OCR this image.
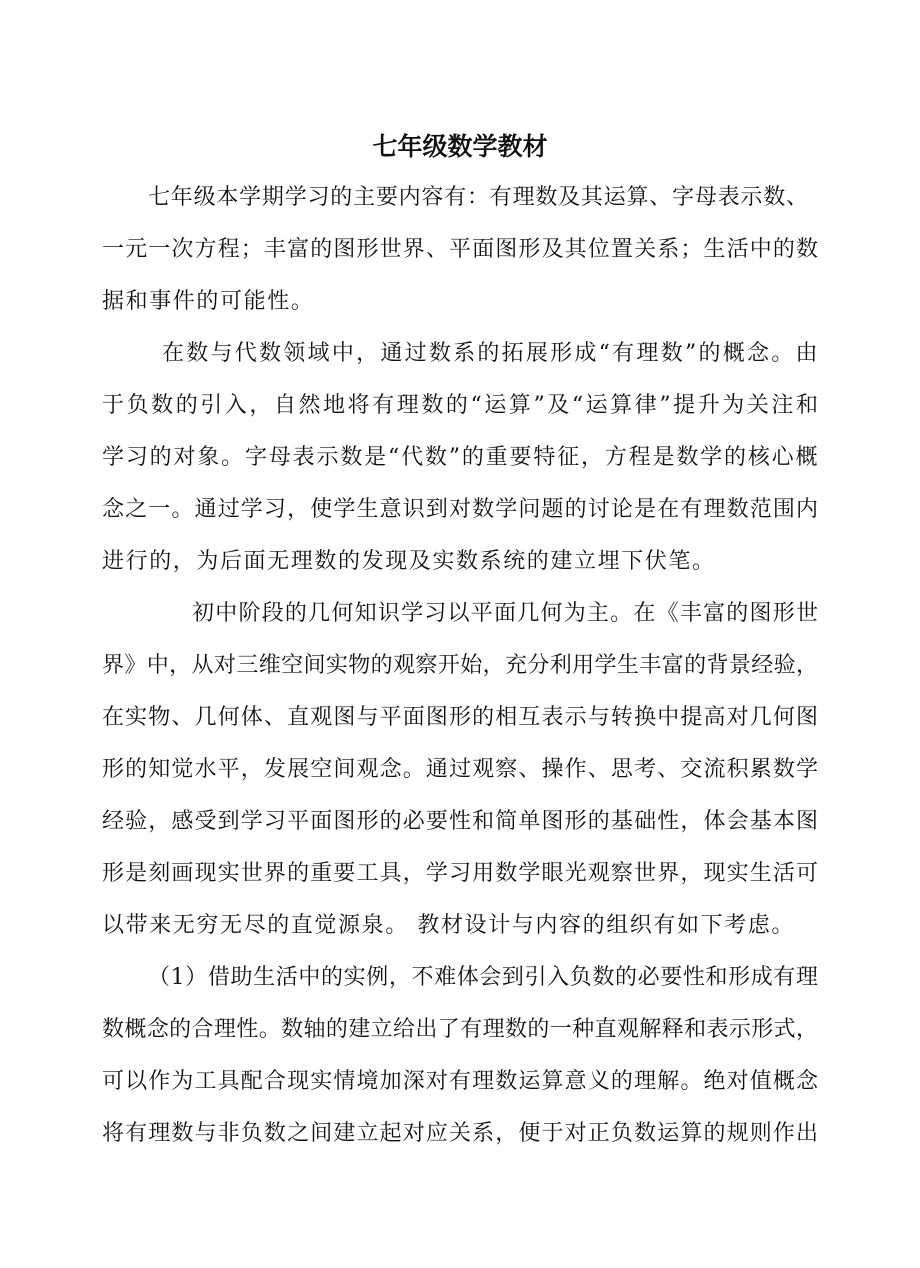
七年级数学教材
七年级本学期学习的主要内容有：有理数及其运算、字母表示数、
一元一次方程；丰富的图形世界、平面图形及其位置关系；生活中的数
据和事件的可能性。
在数与代数领域中，通过数系的拓展形成“有理数”的概念。由
于负数的引入，自然地将有理数的“运算”及“运算律”提升为关注和
学习的对象。字母表示数是“代数”的重要特征，方程是数学的核心概
念之一。通过学习，使学生意识到对数学问题的讨论是在有理数范围内
进行的，为后面无理数的发现及实数系统的建立埋下伏笔。
初中阶段的几何知识学习以平面几何为主。在《丰富的图形世
界》中，从对三维空间实物的观察开始，充分利用学生丰富的背景经验，
在实物、几何体、直观图与平面图形的相互表示与转换中提高对几何图
形的知觉水平，发展空间观念。通过观察、操作、思考、交流积累数学
经验，感受到学习平面图形的必要性和简单图形的基础性，体会基本图
形是刻画现实世界的重要工具，学习用数学眼光观察世界，现实生活可
以带来无穷无尽的直觉源泉。 教材设计与内容的组织有如下考虑。
（1）借助生活中的实例，不难体会到引入负数的必要性和形成有理
数概念的合理性。数轴的建立给出了有理数的一种直观解释和表示形式，
可以作为工具配合现实情境加深对有理数运算意义的理解。绝对值概念
将有理数与非负数之间建立起对应关系，便于对正负数运算的规则作出
